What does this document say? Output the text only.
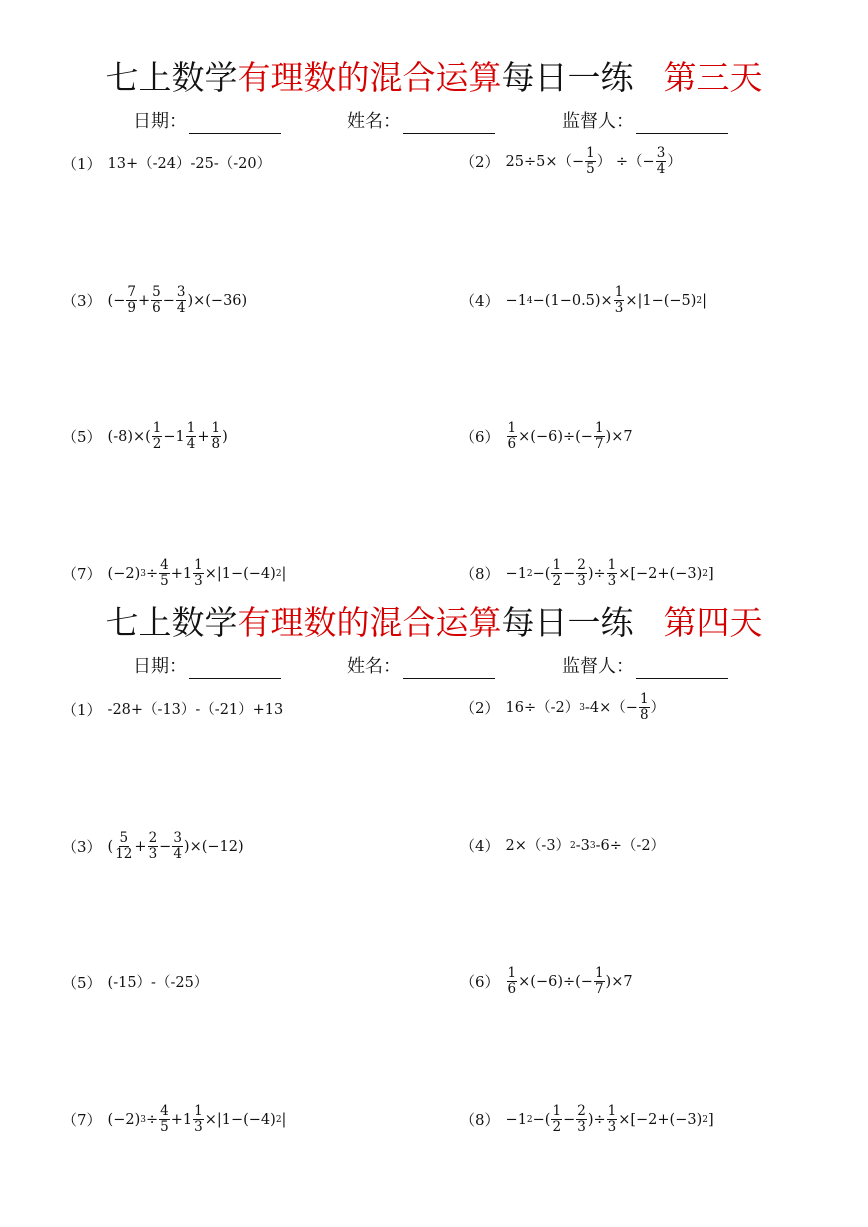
七上数学有理数的混合运算每日一练 第三天
日期：	姓名：	监督人：
（1） 13+（-24）-25-（-20）	（2） $25\div 5\times(- \frac{1}{5}$ ） ÷（− $\frac{3}{4}$ ）
（3） (− $\frac{7}{9} + \frac{5}{6} - \frac{3}{4} )\times(-36)$	（4） −1 $4 -(1-0.5)\times \frac{1}{3} \times|1-(-5)$ 2 |
（5） $(-8)\times( \frac{1}{2} -1 \frac{1}{4} + \frac{1}{8}$ )	$(6) \frac{1}{6} \times(-6)\div(- \frac{1}{7} )\times 7$
（7） (−2) $3 \div \frac{4}{5} +1 \frac{1}{3} \times|1-(-4)$ 2 |	（8） −1 2 −( $\frac{1}{2} - \frac{2}{3}$ )÷ $\frac{1}{3} \times[-2+(-3)$ 2 ]
七上数学有理数的混合运算每日一练 第四天
日期：	姓名：	监督人：
（1） -28+（-13）-（-21）+13	（2） 16÷（-2） 3 $-4\times(- \frac{1}{8}$ ）
（3） ( $\frac{5}{12} + \frac{2}{3} - \frac{3}{4} )\times(-12)$	（4） 2×（-3） 2 -3 3 -6÷（-2）
（5） (-15）-（-25）	$(6) \frac{1}{6} \times(-6)\div(- \frac{1}{7} )\times 7$
（7） (−2) $3 \div \frac{4}{5} +1 \frac{1}{3} \times|1-(-4)$ 2 |	（8） −1 2 −( $\frac{1}{2} - \frac{2}{3}$ )÷ $\frac{1}{3} \times[-2+(-3)$ 2 ]
